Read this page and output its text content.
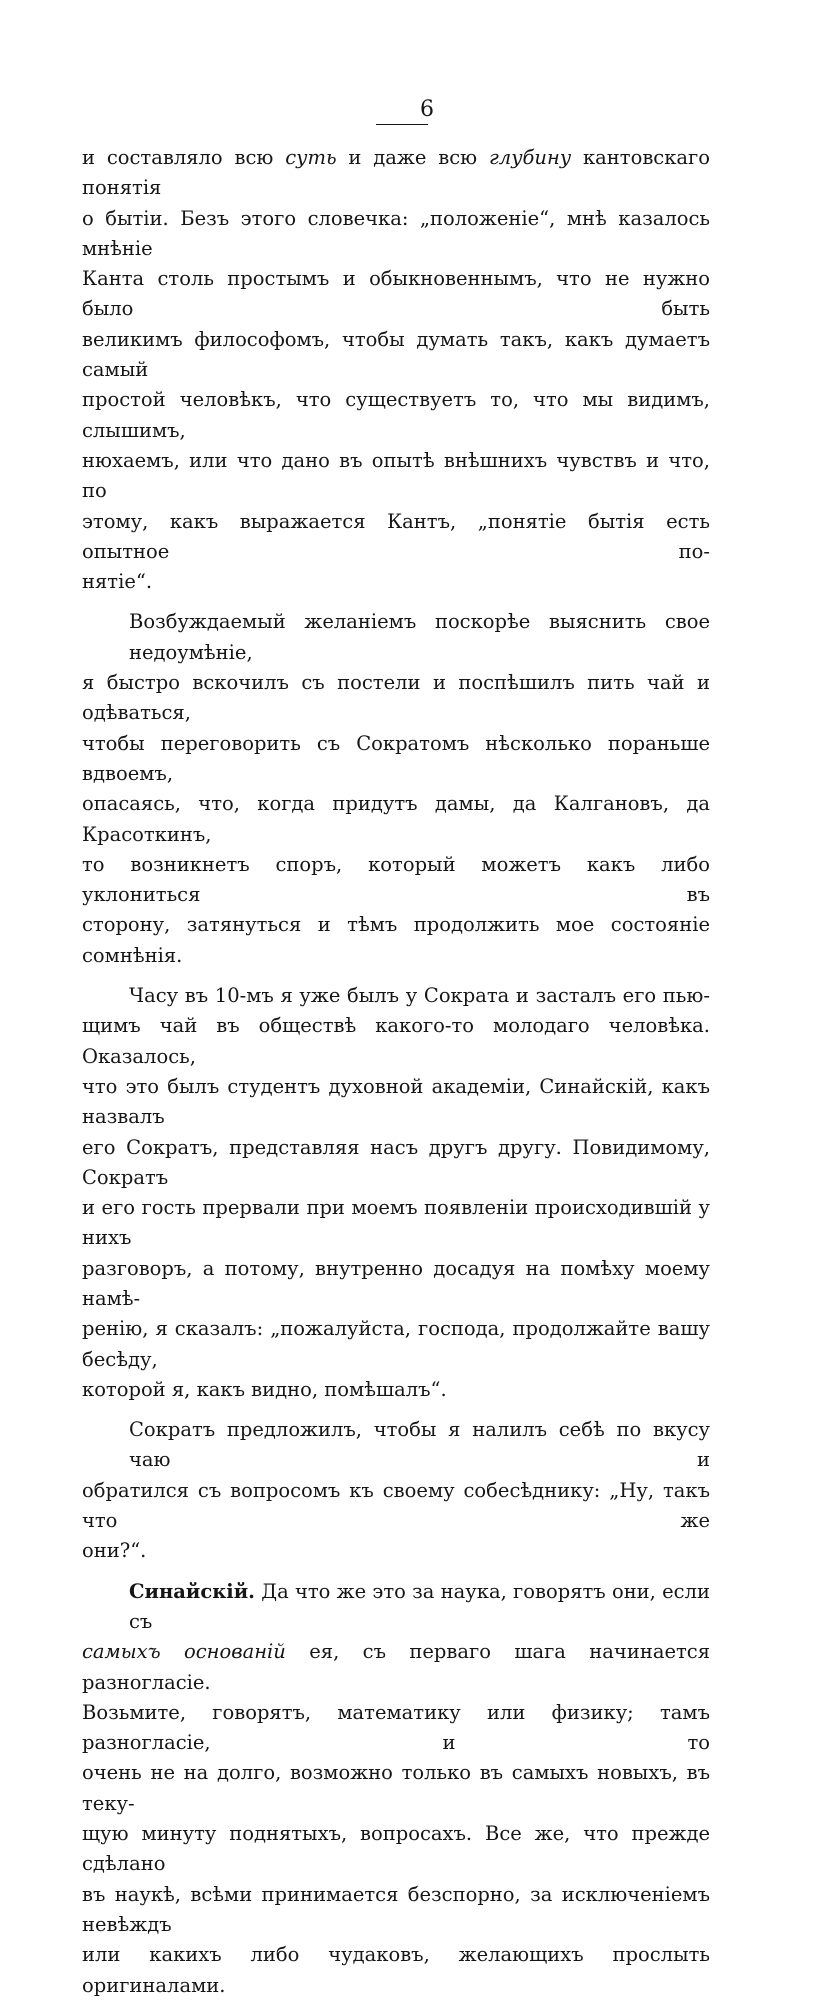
6

и составляло всю суть и даже всю глубину кантовскаго понятія
о бытіи. Безъ этого словечка: „положеніе“, мнѣ казалось мнѣніе
Канта столь простымъ и обыкновеннымъ, что не нужно было быть
великимъ философомъ, чтобы думать такъ, какъ думаетъ самый
простой человѣкъ, что существуетъ то, что мы видимъ, слышимъ,
нюхаемъ, или что дано въ опытѣ внѣшнихъ чувствъ и что, по
этому, какъ выражается Кантъ, „понятіе бытія есть опытное по-
нятіе“.

Возбуждаемый желаніемъ поскорѣе выяснить свое недоумѣніе,
я быстро вскочилъ съ постели и поспѣшилъ пить чай и одѣваться,
чтобы переговорить съ Сократомъ нѣсколько пораньше вдвоемъ,
опасаясь, что, когда придутъ дамы, да Калгановъ, да Красоткинъ,
то возникнетъ споръ, который можетъ какъ либо уклониться въ
сторону, затянуться и тѣмъ продолжить мое состояніе сомнѣнія.

Часу въ 10-мъ я уже былъ у Сократа и засталъ его пью-
щимъ чай въ обществѣ какого-то молодаго человѣка. Оказалось,
что это былъ студентъ духовной академіи, Синайскій, какъ назвалъ
его Сократъ, представляя насъ другъ другу. Повидимому, Сократъ
и его гость прервали при моемъ появленіи происходившій у нихъ
разговоръ, а потому, внутренно досадуя на помѣху моему намѣ-
ренію, я сказалъ: „пожалуйста, господа, продолжайте вашу бесѣду,
которой я, какъ видно, помѣшалъ“.

Сократъ предложилъ, чтобы я налилъ себѣ по вкусу чаю и
обратился съ вопросомъ къ своему собесѣднику: „Ну, такъ что же
они?“.

Синайскій. Да что же это за наука, говорятъ они, если съ
самыхъ основаній ея, съ перваго шага начинается разногласіе.
Возьмите, говорятъ, математику или физику; тамъ разногласіе, и то
очень не на долго, возможно только въ самыхъ новыхъ, въ теку-
щую минуту поднятыхъ, вопросахъ. Все же, что прежде сдѣлано
въ наукѣ, всѣми принимается безспорно, за исключеніемъ невѣждъ
или какихъ либо чудаковъ, желающихъ прослыть оригиналами.
